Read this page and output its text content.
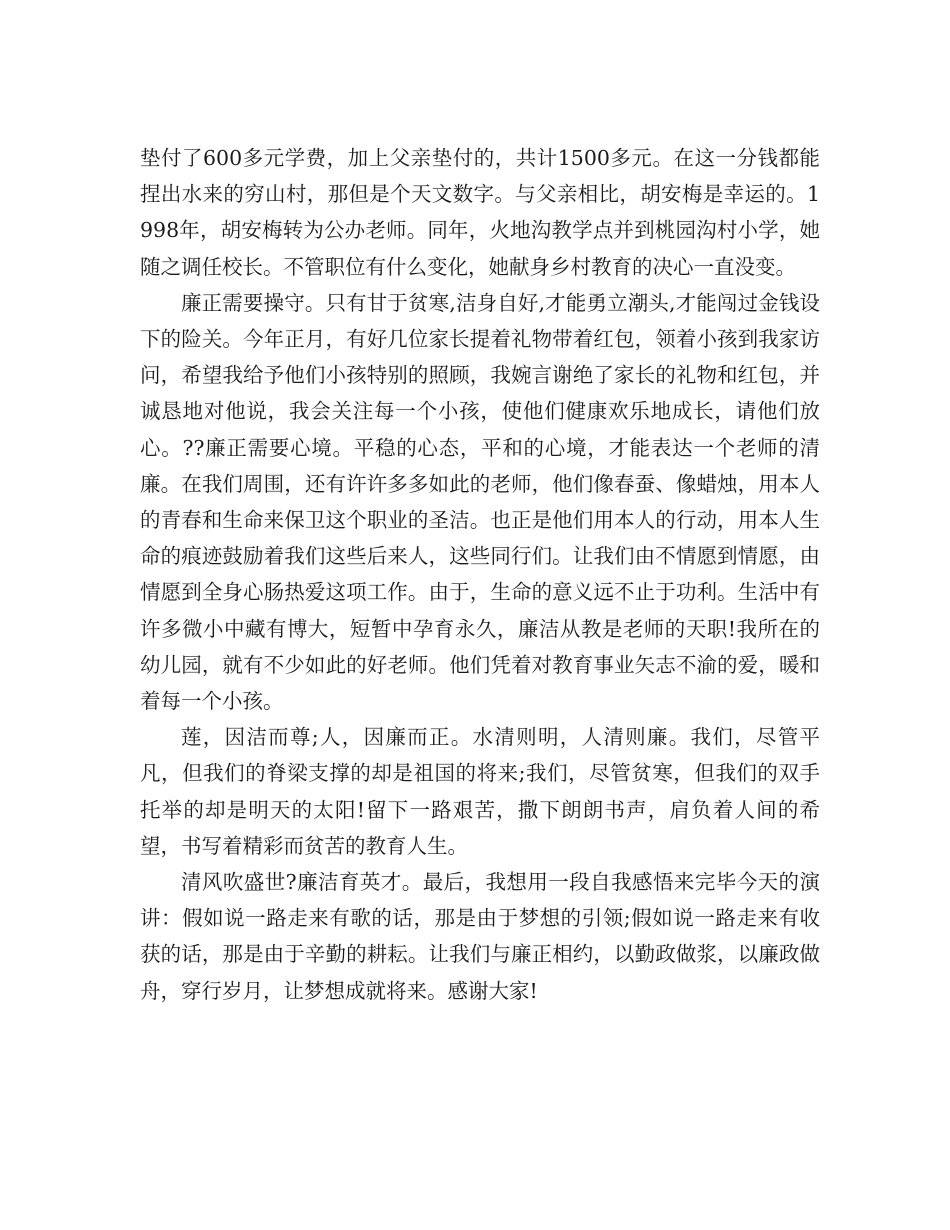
垫付了600多元学费，加上父亲垫付的，共计1500多元。在这一分钱都能捏出水来的穷山村，那但是个天文数字。与父亲相比，胡安梅是幸运的。1998年，胡安梅转为公办老师。同年，火地沟教学点并到桃园沟村小学，她随之调任校长。不管职位有什么变化，她献身乡村教育的决心一直没变。

廉正需要操守。只有甘于贫寒,洁身自好,才能勇立潮头,才能闯过金钱设下的险关。今年正月，有好几位家长提着礼物带着红包，领着小孩到我家访问，希望我给予他们小孩特别的照顾，我婉言谢绝了家长的礼物和红包，并诚恳地对他说，我会关注每一个小孩，使他们健康欢乐地成长，请他们放心。??廉正需要心境。平稳的心态，平和的心境，才能表达一个老师的清廉。在我们周围，还有许许多多如此的老师，他们像春蚕、像蜡烛，用本人的青春和生命来保卫这个职业的圣洁。也正是他们用本人的行动，用本人生命的痕迹鼓励着我们这些后来人，这些同行们。让我们由不情愿到情愿，由情愿到全身心肠热爱这项工作。由于，生命的意义远不止于功利。生活中有许多微小中藏有博大，短暂中孕育永久，廉洁从教是老师的天职!我所在的幼儿园，就有不少如此的好老师。他们凭着对教育事业矢志不渝的爱，暖和着每一个小孩。

莲，因洁而尊;人，因廉而正。水清则明，人清则廉。我们，尽管平凡，但我们的脊梁支撑的却是祖国的将来;我们，尽管贫寒，但我们的双手托举的却是明天的太阳!留下一路艰苦，撒下朗朗书声，肩负着人间的希望，书写着精彩而贫苦的教育人生。

清风吹盛世?廉洁育英才。最后，我想用一段自我感悟来完毕今天的演讲：假如说一路走来有歌的话，那是由于梦想的引领;假如说一路走来有收获的话，那是由于辛勤的耕耘。让我们与廉正相约，以勤政做浆，以廉政做舟，穿行岁月，让梦想成就将来。感谢大家!
